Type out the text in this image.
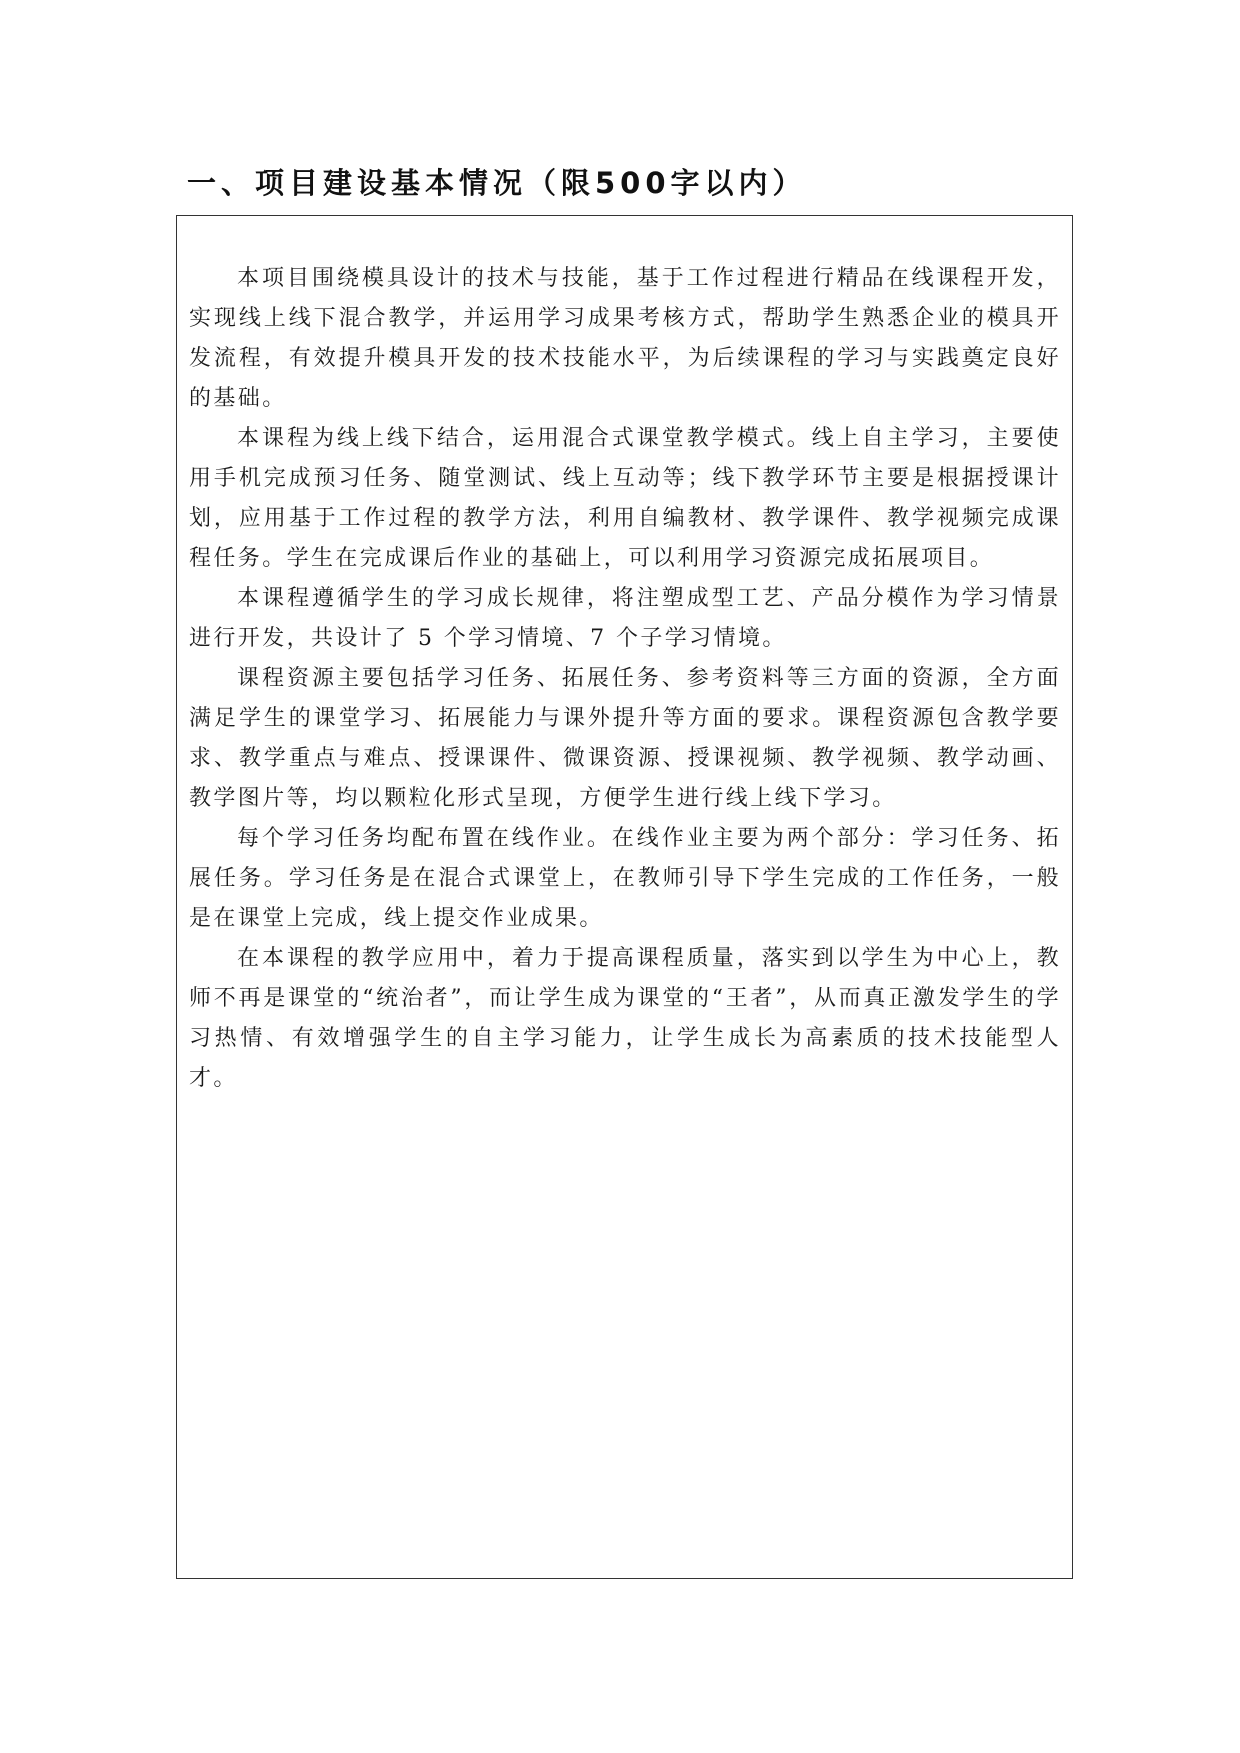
一、项目建设基本情况（限500字以内）

本项目围绕模具设计的技术与技能，基于工作过程进行精品在线课程开发，实现线上线下混合教学，并运用学习成果考核方式，帮助学生熟悉企业的模具开发流程，有效提升模具开发的技术技能水平，为后续课程的学习与实践奠定良好的基础。

本课程为线上线下结合，运用混合式课堂教学模式。线上自主学习，主要使用手机完成预习任务、随堂测试、线上互动等；线下教学环节主要是根据授课计划，应用基于工作过程的教学方法，利用自编教材、教学课件、教学视频完成课程任务。学生在完成课后作业的基础上，可以利用学习资源完成拓展项目。

本课程遵循学生的学习成长规律，将注塑成型工艺、产品分模作为学习情景进行开发，共设计了 5 个学习情境、7 个子学习情境。

课程资源主要包括学习任务、拓展任务、参考资料等三方面的资源，全方面满足学生的课堂学习、拓展能力与课外提升等方面的要求。课程资源包含教学要求、教学重点与难点、授课课件、微课资源、授课视频、教学视频、教学动画、教学图片等，均以颗粒化形式呈现，方便学生进行线上线下学习。

每个学习任务均配布置在线作业。在线作业主要为两个部分：学习任务、拓展任务。学习任务是在混合式课堂上，在教师引导下学生完成的工作任务，一般是在课堂上完成，线上提交作业成果。

在本课程的教学应用中，着力于提高课程质量，落实到以学生为中心上，教师不再是课堂的“统治者”，而让学生成为课堂的“王者”，从而真正激发学生的学习热情、有效增强学生的自主学习能力，让学生成长为高素质的技术技能型人才。
